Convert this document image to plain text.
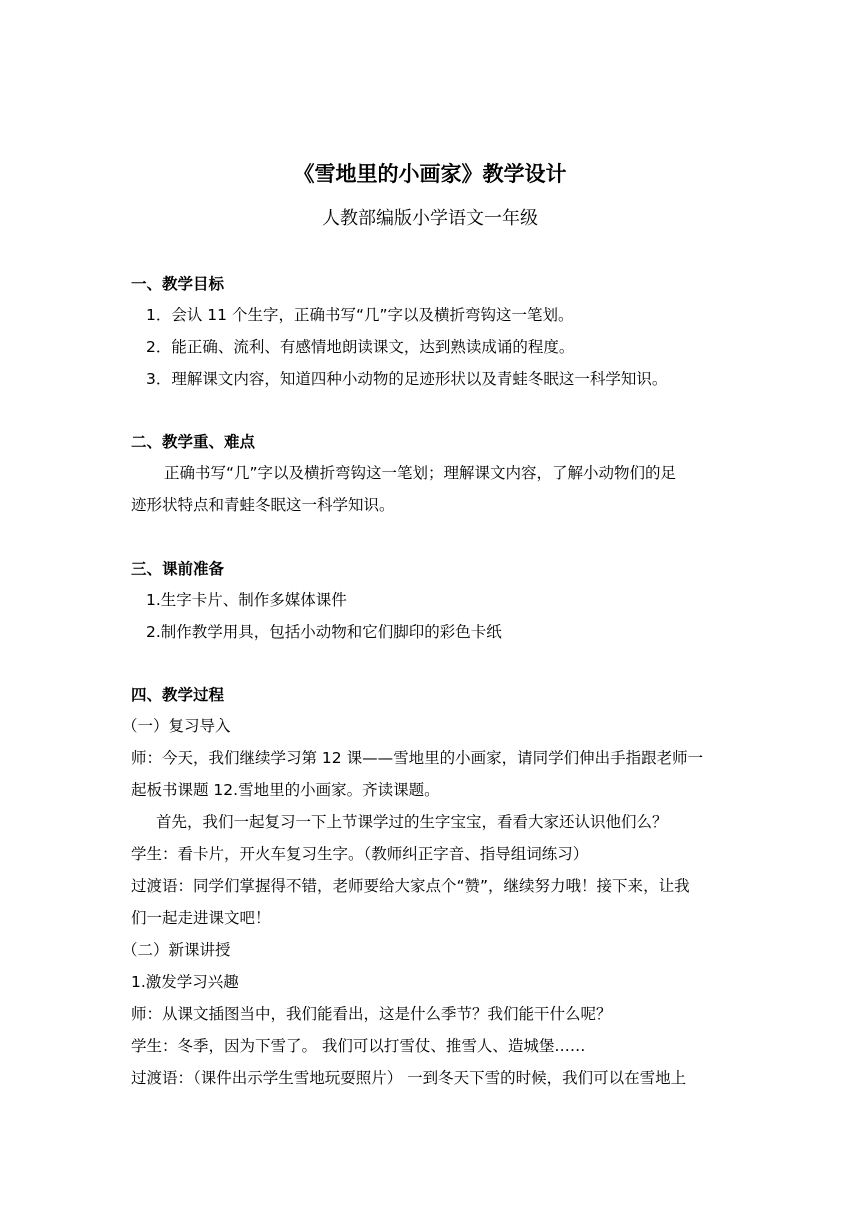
《雪地里的小画家》教学设计
人教部编版小学语文一年级
一、教学目标
1．会认 11 个生字，正确书写“几”字以及横折弯钩这一笔划。
2．能正确、流利、有感情地朗读课文，达到熟读成诵的程度。
3．理解课文内容，知道四种小动物的足迹形状以及青蛙冬眠这一科学知识。
二、教学重、难点
正确书写“几”字以及横折弯钩这一笔划；理解课文内容，了解小动物们的足
迹形状特点和青蛙冬眠这一科学知识。
三、课前准备
1.生字卡片、制作多媒体课件
2.制作教学用具，包括小动物和它们脚印的彩色卡纸
四、教学过程
（一）复习导入
师：今天，我们继续学习第 12 课——雪地里的小画家，请同学们伸出手指跟老师一
起板书课题 12.雪地里的小画家。齐读课题。
首先，我们一起复习一下上节课学过的生字宝宝，看看大家还认识他们么？
学生：看卡片，开火车复习生字。（教师纠正字音、指导组词练习）
过渡语：同学们掌握得不错，老师要给大家点个“赞”，继续努力哦！接下来，让我
们一起走进课文吧！
（二）新课讲授
1.激发学习兴趣
师：从课文插图当中，我们能看出，这是什么季节？我们能干什么呢？
学生：冬季，因为下雪了。 我们可以打雪仗、推雪人、造城堡……
过渡语：（课件出示学生雪地玩耍照片） 一到冬天下雪的时候，我们可以在雪地上
